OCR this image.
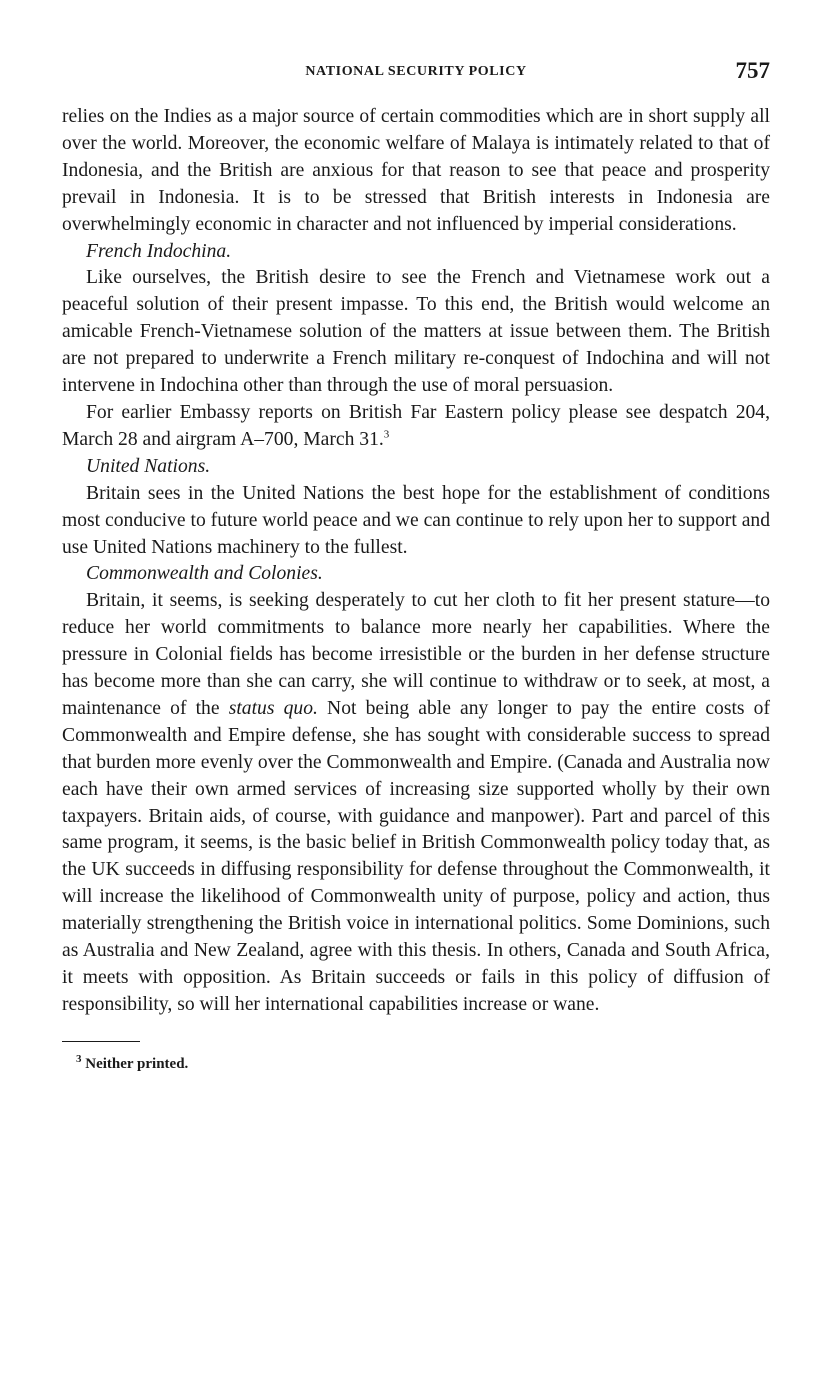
NATIONAL SECURITY POLICY	757

relies on the Indies as a major source of certain commodities which are in short supply all over the world. Moreover, the economic welfare of Malaya is intimately related to that of Indonesia, and the British are anxious for that reason to see that peace and prosperity prevail in Indonesia. It is to be stressed that British interests in Indonesia are overwhelmingly economic in character and not influenced by imperial considerations.

French Indochina.

Like ourselves, the British desire to see the French and Vietnamese work out a peaceful solution of their present impasse. To this end, the British would welcome an amicable French-Vietnamese solution of the matters at issue between them. The British are not prepared to underwrite a French military re-conquest of Indochina and will not intervene in Indochina other than through the use of moral persuasion.

For earlier Embassy reports on British Far Eastern policy please see despatch 204, March 28 and airgram A–700, March 31.$^3$

United Nations.

Britain sees in the United Nations the best hope for the establishment of conditions most conducive to future world peace and we can continue to rely upon her to support and use United Nations machinery to the fullest.

Commonwealth and Colonies.

Britain, it seems, is seeking desperately to cut her cloth to fit her present stature—to reduce her world commitments to balance more nearly her capabilities. Where the pressure in Colonial fields has become irresistible or the burden in her defense structure has become more than she can carry, she will continue to withdraw or to seek, at most, a maintenance of the status quo. Not being able any longer to pay the entire costs of Commonwealth and Empire defense, she has sought with considerable success to spread that burden more evenly over the Commonwealth and Empire. (Canada and Australia now each have their own armed services of increasing size supported wholly by their own taxpayers. Britain aids, of course, with guidance and manpower). Part and parcel of this same program, it seems, is the basic belief in British Commonwealth policy today that, as the UK succeeds in diffusing responsibility for defense throughout the Commonwealth, it will increase the likelihood of Commonwealth unity of purpose, policy and action, thus materially strengthening the British voice in international politics. Some Dominions, such as Australia and New Zealand, agree with this thesis. In others, Canada and South Africa, it meets with opposition. As Britain succeeds or fails in this policy of diffusion of responsibility, so will her international capabilities increase or wane.

$^3$ Neither printed.
